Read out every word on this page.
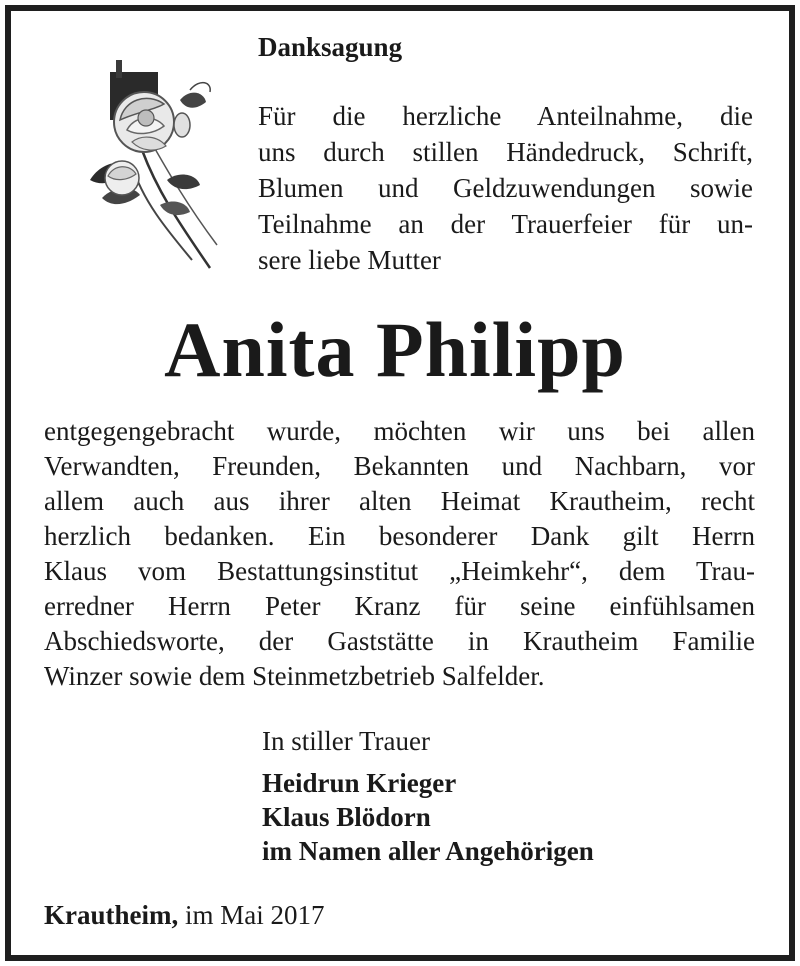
Danksagung
Für die herzliche Anteilnahme, die
uns durch stillen Händedruck, Schrift,
Blumen und Geldzuwendungen sowie
Teilnahme an der Trauerfeier für un-
sere liebe Mutter
Anita Philipp
entgegengebracht wurde, möchten wir uns bei allen
Verwandten, Freunden, Bekannten und Nachbarn, vor
allem auch aus ihrer alten Heimat Krautheim, recht
herzlich bedanken. Ein besonderer Dank gilt Herrn
Klaus vom Bestattungsinstitut „Heimkehr“, dem Trau-
erredner Herrn Peter Kranz für seine einfühlsamen
Abschiedsworte, der Gaststätte in Krautheim Familie
Winzer sowie dem Steinmetzbetrieb Salfelder.
In stiller Trauer
Heidrun Krieger
Klaus Blödorn
im Namen aller Angehörigen
Krautheim, im Mai 2017
